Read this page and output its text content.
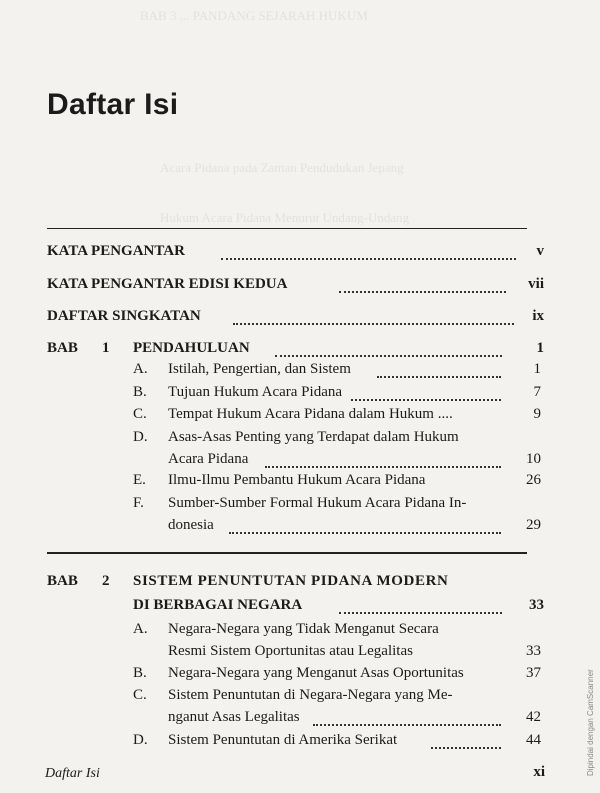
BAB 3 ... PANDANG SEJARAH HUKUM
Acara Pidana pada Zaman Pendudukan Jepang
Hukum Acara Pidana Menurut Undang-Undang
Daftar Isi
KATA PENGANTAR	v
KATA PENGANTAR EDISI KEDUA	vii
DAFTAR SINGKATAN	ix
BAB 1 PENDAHULUAN	1
A. Istilah, Pengertian, dan Sistem	1
B. Tujuan Hukum Acara Pidana	7
C. Tempat Hukum Acara Pidana dalam Hukum ....	9
D. Asas-Asas Penting yang Terdapat dalam Hukum
Acara Pidana	10
E. Ilmu-Ilmu Pembantu Hukum Acara Pidana	26
F. Sumber-Sumber Formal Hukum Acara Pidana In-
donesia	29
BAB 2 SISTEM PENUNTUTAN PIDANA MODERN
DI BERBAGAI NEGARA	33
A. Negara-Negara yang Tidak Menganut Secara
Resmi Sistem Oportunitas atau Legalitas	33
B. Negara-Negara yang Menganut Asas Oportunitas	37
C. Sistem Penuntutan di Negara-Negara yang Me-
nganut Asas Legalitas	42
D. Sistem Penuntutan di Amerika Serikat	44
Daftar Isi	xi	Dipindai dengan CamScanner
